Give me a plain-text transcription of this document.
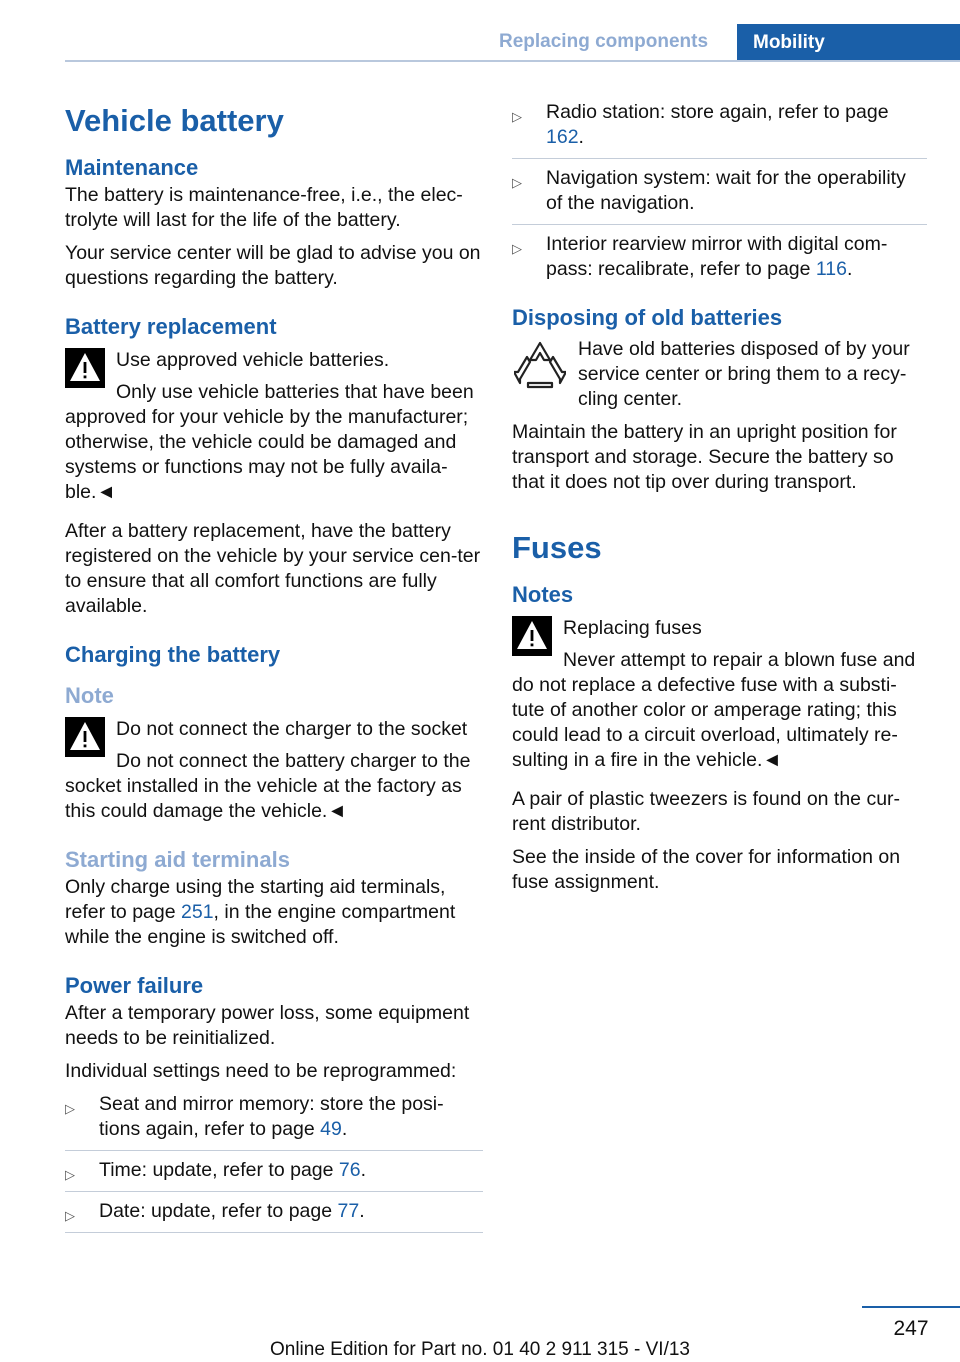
Replacing components	Mobility
Vehicle battery
Maintenance

The battery is maintenance-free, i.e., the elec-trolyte will last for the life of the battery.

Your service center will be glad to advise you on questions regarding the battery.

Battery replacement
Use approved vehicle batteries.
Only use vehicle batteries that have been approved for your vehicle by the manufacturer; otherwise, the vehicle could be damaged and systems or functions may not be fully availa-ble.◄

After a battery replacement, have the battery registered on the vehicle by your service cen-ter to ensure that all comfort functions are fully available.

Charging the battery
Note
Do not connect the charger to the socket
Do not connect the battery charger to the socket installed in the vehicle at the factory as this could damage the vehicle.◄
Starting aid terminals

Only charge using the starting aid terminals, refer to page 251, in the engine compartment while the engine is switched off.

Power failure

After a temporary power loss, some equipment needs to be reinitialized.

Individual settings need to be reprogrammed:

▷ Seat and mirror memory: store the posi-tions again, refer to page 49.
▷ Time: update, refer to page 76.
▷ Date: update, refer to page 77.
▷ Radio station: store again, refer to page 162.
▷ Navigation system: wait for the operability of the navigation.
▷ Interior rearview mirror with digital com-pass: recalibrate, refer to page 116.
Disposing of old batteries
Have old batteries disposed of by your service center or bring them to a recy-cling center.

Maintain the battery in an upright position for transport and storage. Secure the battery so that it does not tip over during transport.

Fuses
Notes
Replacing fuses
Never attempt to repair a blown fuse and do not replace a defective fuse with a substi-tute of another color or amperage rating; this could lead to a circuit overload, ultimately re-sulting in a fire in the vehicle.◄

A pair of plastic tweezers is found on the cur-rent distributor.

See the inside of the cover for information on fuse assignment.

247
Online Edition for Part no. 01 40 2 911 315 - VI/13
